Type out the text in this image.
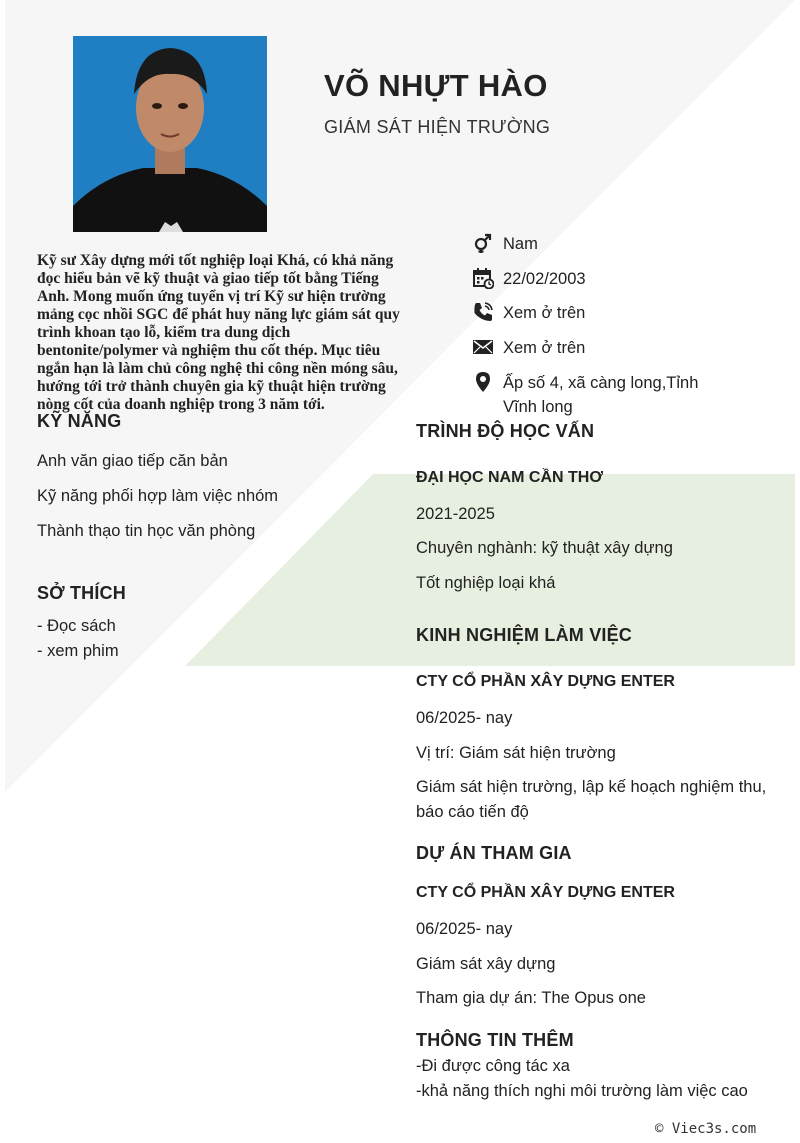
VÕ NHỰT HÀO
GIÁM SÁT HIỆN TRƯỜNG

Kỹ sư Xây dựng mới tốt nghiệp loại Khá, có khả năng đọc hiểu bản vẽ kỹ thuật và giao tiếp tốt bằng Tiếng Anh. Mong muốn ứng tuyển vị trí Kỹ sư hiện trường mảng cọc nhồi SGC để phát huy năng lực giám sát quy trình khoan tạo lỗ, kiểm tra dung dịch bentonite/polymer và nghiệm thu cốt thép. Mục tiêu ngắn hạn là làm chủ công nghệ thi công nền móng sâu, hướng tới trở thành chuyên gia kỹ thuật hiện trường nòng cốt của doanh nghiệp trong 3 năm tới.

Nam
22/02/2003
Xem ở trên
Xem ở trên
Ấp số 4, xã càng long,Tỉnh
Vĩnh long
KỸ NĂNG
Anh văn giao tiếp căn bản
Kỹ năng phối hợp làm việc nhóm
Thành thạo tin học văn phòng
SỞ THÍCH
- Đọc sách
- xem phim
TRÌNH ĐỘ HỌC VẤN
ĐẠI HỌC NAM CẦN THƠ
2021-2025
Chuyên nghành: kỹ thuật xây dựng
Tốt nghiệp loại khá
KINH NGHIỆM LÀM VIỆC
CTY CỔ PHẦN XÂY DỰNG ENTER
06/2025- nay
Vị trí: Giám sát hiện trường
Giám sát hiện trường, lập kế hoạch nghiệm thu, báo cáo tiến độ
DỰ ÁN THAM GIA
CTY CỔ PHẦN XÂY DỰNG ENTER
06/2025- nay
Giám sát xây dựng
Tham gia dự án: The Opus one
THÔNG TIN THÊM
-Đi được công tác xa
-khả năng thích nghi môi trường làm việc cao
© Viec3s.com
